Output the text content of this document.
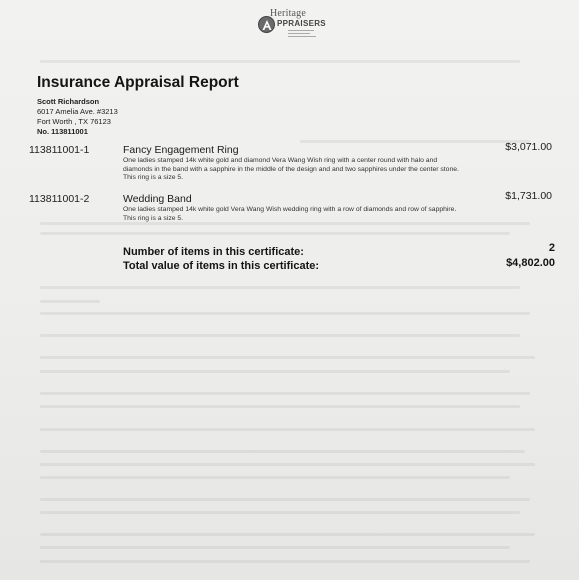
Heritage
PPRAISERS
Insurance Appraisal Report
Scott Richardson
6017 Amelia Ave. #3213
Fort Worth , TX 76123
No. 113811001
113811001-1	Fancy Engagement Ring	$3,071.00
One ladies stamped 14k white gold and diamond Vera Wang Wish ring with a center round with halo and diamonds in the band with a sapphire in the middle of the design and and two sapphires under the center stone. This ring is a size 5.
113811001-2	Wedding Band	$1,731.00
One ladies stamped 14k white gold Vera Wang Wish wedding ring with a row of diamonds and row of sapphire. This ring is a size 5.
Number of items in this certificate:	2
Total value of items in this certificate:	$4,802.00
